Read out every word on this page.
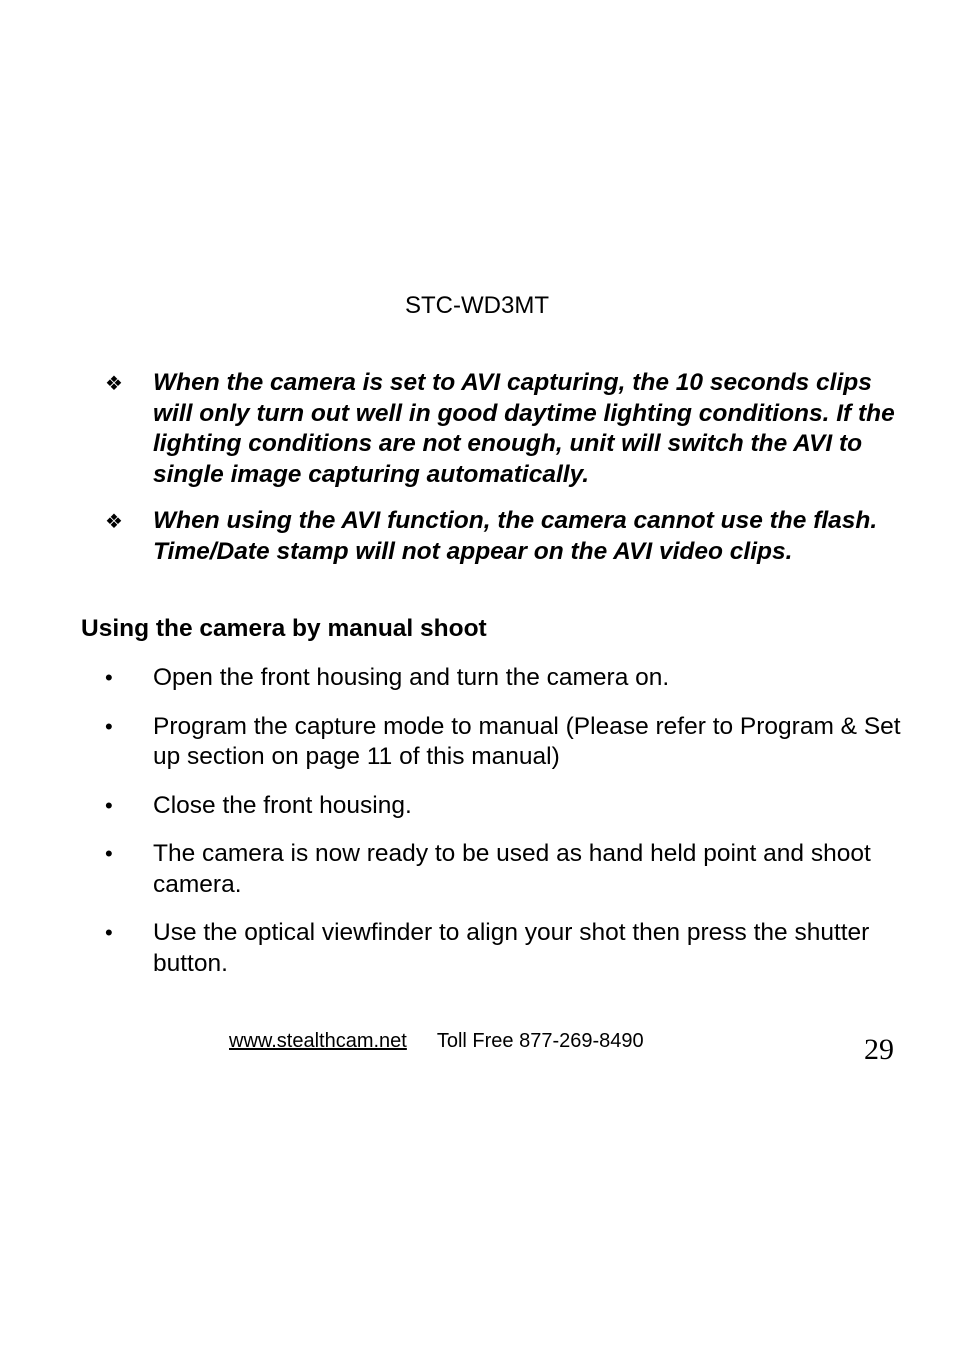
STC-WD3MT
❖	When the camera is set to AVI capturing, the 10 seconds clips will only turn out well in good daytime lighting conditions. If the lighting conditions are not enough, unit will switch the AVI to single image capturing automatically.
❖	When using the AVI function, the camera cannot use the flash. Time/Date stamp will not appear on the AVI video clips.
Using the camera by manual shoot
•	Open the front housing and turn the camera on.
•	Program the capture mode to manual (Please refer to Program & Set up section on page 11 of this manual)
•	Close the front housing.
•	The camera is now ready to be used as hand held point and shoot camera.
•	Use the optical viewfinder to align your shot then press the shutter button.
www.stealthcam.net Toll Free 877-269-8490	29
